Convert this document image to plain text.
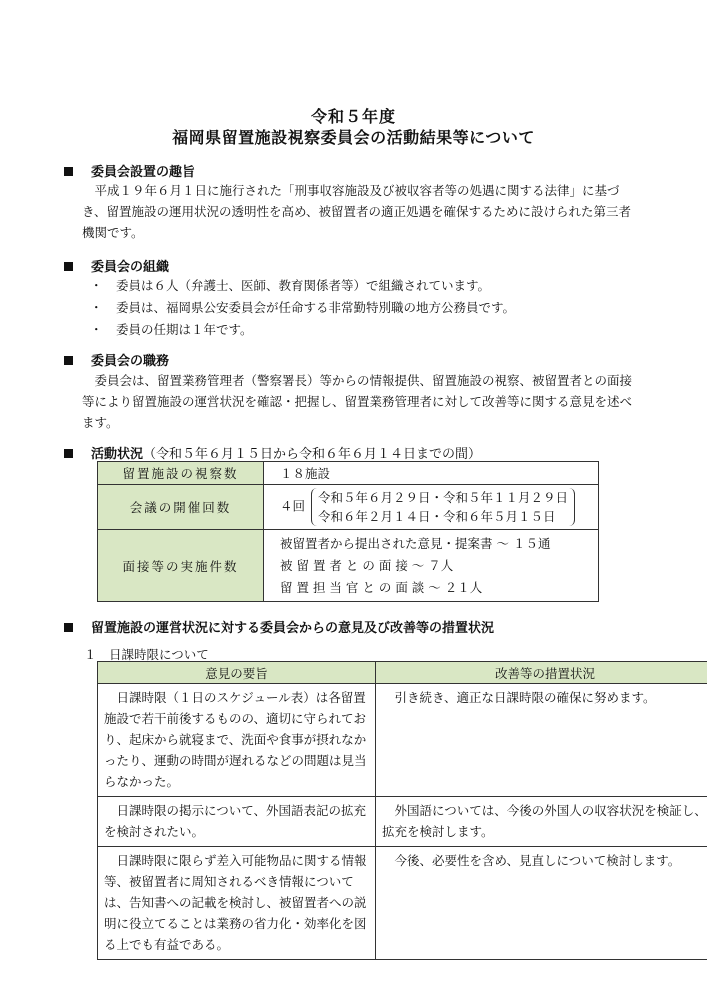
令和５年度
福岡県留置施設視察委員会の活動結果等について
委員会設置の趣旨
平成１９年６月１日に施行された「刑事収容施設及び被収容者等の処遇に関する法律」に基づき、留置施設の運用状況の透明性を高め、被留置者の適正処遇を確保するために設けられた第三者機関です。
委員会の組織
・ 委員は６人（弁護士、医師、教育関係者等）で組織されています。
・ 委員は、福岡県公安委員会が任命する非常勤特別職の地方公務員です。
・ 委員の任期は１年です。
委員会の職務
委員会は、留置業務管理者（警察署長）等からの情報提供、留置施設の視察、被留置者との面接等により留置施設の運営状況を確認・把握し、留置業務管理者に対して改善等に関する意見を述べます。
活動状況（令和５年６月１５日から令和６年６月１４日までの間）
留置施設の視察数	１８施設
会議の開催回数	４回令和５年６月２９日・令和５年１１月２９日
令和６年２月１４日・令和６年５月１５日
面接等の実施件数	被留置者から提出された意見・提案書 〜 １５通
被 留 置 者 と の 面 接 〜 ７人
留 置 担 当 官 と の 面 談 〜 ２１人
留置施設の運営状況に対する委員会からの意見及び改善等の措置状況
１　日課時限について
意見の要旨	改善等の措置状況
日課時限（１日のスケジュール表）は各留置施設で若干前後するものの、適切に守られており、起床から就寝まで、洗面や食事が摂れなかったり、運動の時間が遅れるなどの問題は見当らなかった。	引き続き、適正な日課時限の確保に努めます。
日課時限の掲示について、外国語表記の拡充を検討されたい。	外国語については、今後の外国人の収容状況を検証し、拡充を検討します。
日課時限に限らず差入可能物品に関する情報等、被留置者に周知されるべき情報については、告知書への記載を検討し、被留置者への説明に役立てることは業務の省力化・効率化を図る上でも有益である。	今後、必要性を含め、見直しについて検討します。
